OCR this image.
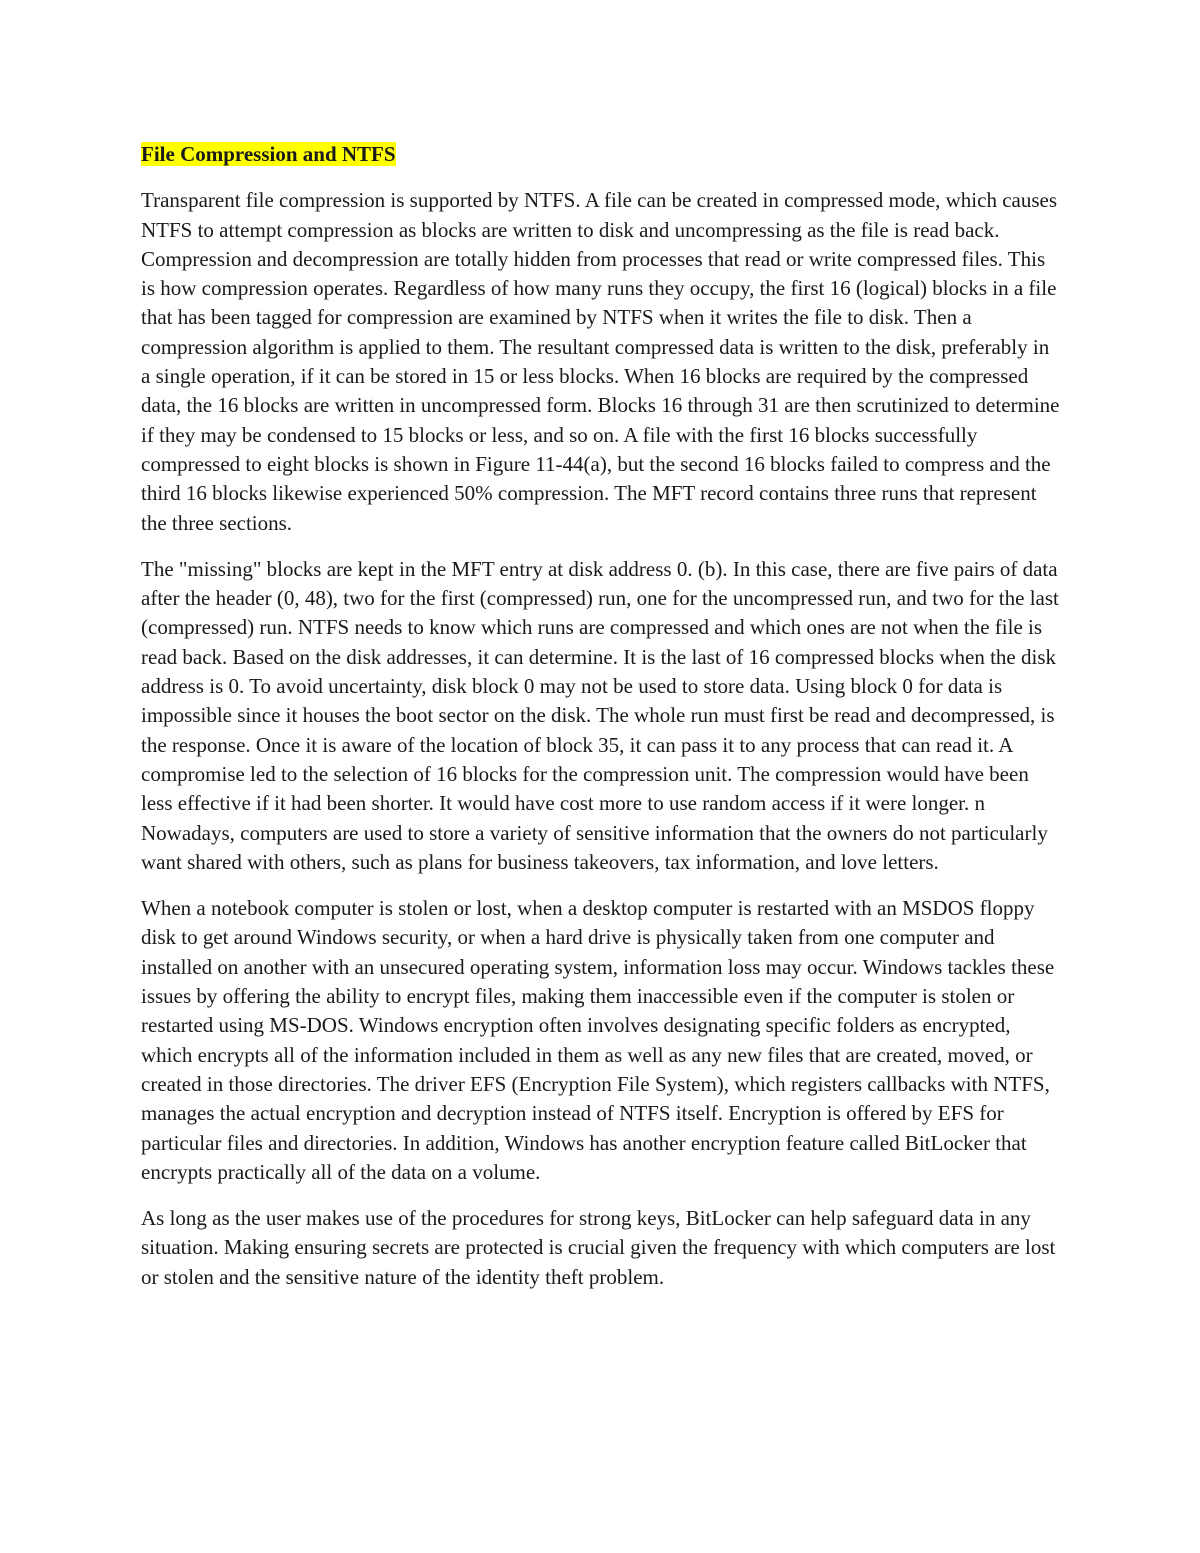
File Compression and NTFS

Transparent file compression is supported by NTFS. A file can be created in compressed mode, which causes NTFS to attempt compression as blocks are written to disk and uncompressing as the file is read back. Compression and decompression are totally hidden from processes that read or write compressed files. This is how compression operates. Regardless of how many runs they occupy, the first 16 (logical) blocks in a file that has been tagged for compression are examined by NTFS when it writes the file to disk. Then a compression algorithm is applied to them. The resultant compressed data is written to the disk, preferably in a single operation, if it can be stored in 15 or less blocks. When 16 blocks are required by the compressed data, the 16 blocks are written in uncompressed form. Blocks 16 through 31 are then scrutinized to determine if they may be condensed to 15 blocks or less, and so on. A file with the first 16 blocks successfully compressed to eight blocks is shown in Figure 11-44(a), but the second 16 blocks failed to compress and the third 16 blocks likewise experienced 50% compression. The MFT record contains three runs that represent the three sections.

The "missing" blocks are kept in the MFT entry at disk address 0. (b). In this case, there are five pairs of data after the header (0, 48), two for the first (compressed) run, one for the uncompressed run, and two for the last (compressed) run. NTFS needs to know which runs are compressed and which ones are not when the file is read back. Based on the disk addresses, it can determine. It is the last of 16 compressed blocks when the disk address is 0. To avoid uncertainty, disk block 0 may not be used to store data. Using block 0 for data is impossible since it houses the boot sector on the disk. The whole run must first be read and decompressed, is the response. Once it is aware of the location of block 35, it can pass it to any process that can read it. A compromise led to the selection of 16 blocks for the compression unit. The compression would have been less effective if it had been shorter. It would have cost more to use random access if it were longer. n Nowadays, computers are used to store a variety of sensitive information that the owners do not particularly want shared with others, such as plans for business takeovers, tax information, and love letters.

When a notebook computer is stolen or lost, when a desktop computer is restarted with an MSDOS floppy disk to get around Windows security, or when a hard drive is physically taken from one computer and installed on another with an unsecured operating system, information loss may occur. Windows tackles these issues by offering the ability to encrypt files, making them inaccessible even if the computer is stolen or restarted using MS-DOS. Windows encryption often involves designating specific folders as encrypted, which encrypts all of the information included in them as well as any new files that are created, moved, or created in those directories. The driver EFS (Encryption File System), which registers callbacks with NTFS, manages the actual encryption and decryption instead of NTFS itself. Encryption is offered by EFS for particular files and directories. In addition, Windows has another encryption feature called BitLocker that encrypts practically all of the data on a volume.

As long as the user makes use of the procedures for strong keys, BitLocker can help safeguard data in any situation. Making ensuring secrets are protected is crucial given the frequency with which computers are lost or stolen and the sensitive nature of the identity theft problem.
